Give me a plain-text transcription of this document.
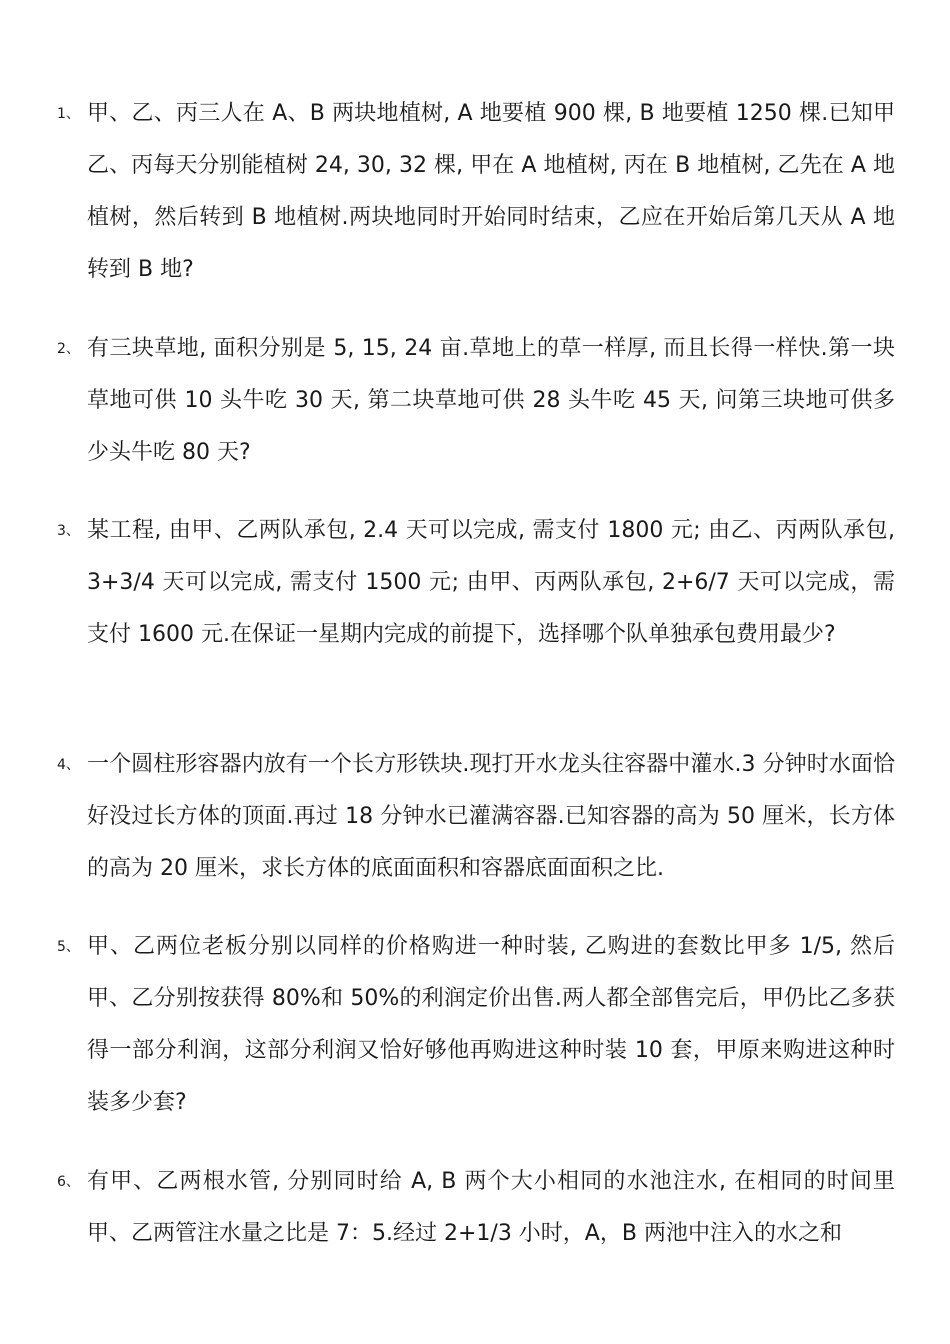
1、 甲、乙、丙三人在 A、B 两块地植树, A 地要植 900 棵, B 地要植 1250 棵.已知甲乙、丙每天分别能植树 24, 30, 32 棵, 甲在 A 地植树, 丙在 B 地植树, 乙先在 A 地植树，然后转到 B 地植树.两块地同时开始同时结束，乙应在开始后第几天从 A 地转到 B 地?
2、 有三块草地, 面积分别是 5, 15, 24 亩.草地上的草一样厚, 而且长得一样快.第一块草地可供 10 头牛吃 30 天, 第二块草地可供 28 头牛吃 45 天, 问第三块地可供多少头牛吃 80 天?
3、 某工程, 由甲、乙两队承包, 2.4 天可以完成, 需支付 1800 元; 由乙、丙两队承包, 3+3/4 天可以完成, 需支付 1500 元; 由甲、丙两队承包, 2+6/7 天可以完成，需支付 1600 元.在保证一星期内完成的前提下，选择哪个队单独承包费用最少?
4、 一个圆柱形容器内放有一个长方形铁块.现打开水龙头往容器中灌水.3 分钟时水面恰好没过长方体的顶面.再过 18 分钟水已灌满容器.已知容器的高为 50 厘米，长方体的高为 20 厘米，求长方体的底面面积和容器底面面积之比.
5、 甲、乙两位老板分别以同样的价格购进一种时装, 乙购进的套数比甲多 1/5, 然后甲、乙分别按获得 80%和 50%的利润定价出售.两人都全部售完后，甲仍比乙多获得一部分利润，这部分利润又恰好够他再购进这种时装 10 套，甲原来购进这种时装多少套?
6、 有甲、乙两根水管, 分别同时给 A, B 两个大小相同的水池注水, 在相同的时间里甲、乙两管注水量之比是 7：5.经过 2+1/3 小时，A，B 两池中注入的水之和
